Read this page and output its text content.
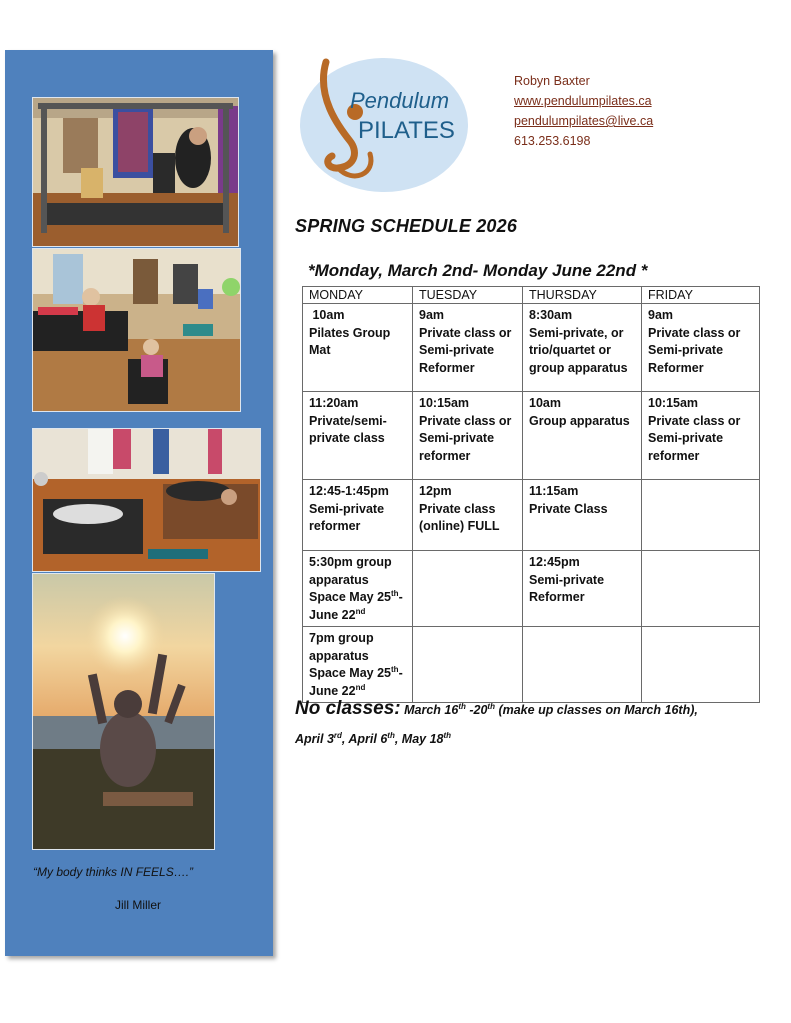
“My body thinks IN FEELS….”
Jill Miller
Pendulum
PILATES
Robyn Baxter
www.pendulumpilates.ca
pendulumpilates@live.ca
613.253.6198
SPRING SCHEDULE 2026
*Monday, March 2nd- Monday June 22nd *
MONDAY	TUESDAY	THURSDAY	FRIDAY
10am
Pilates Group
Mat	9am
Private class or
Semi-private
Reformer	8:30am
Semi-private, or
trio/quartet or
group apparatus	9am
Private class or
Semi-private
Reformer
11:20am
Private/semi-
private class	10:15am
Private class or
Semi-private
reformer	10am
Group apparatus	10:15am
Private class or
Semi-private
reformer
12:45-1:45pm
Semi-private
reformer	12pm
Private class
(online) FULL	11:15am
Private Class	
5:30pm group
apparatus
Space May 25th-
June 22nd		12:45pm
Semi-private
Reformer	
7pm group
apparatus
Space May 25th-
June 22nd			
No classes: March 16th -20th (make up classes on March 16th), April 3rd, April 6th, May 18th
